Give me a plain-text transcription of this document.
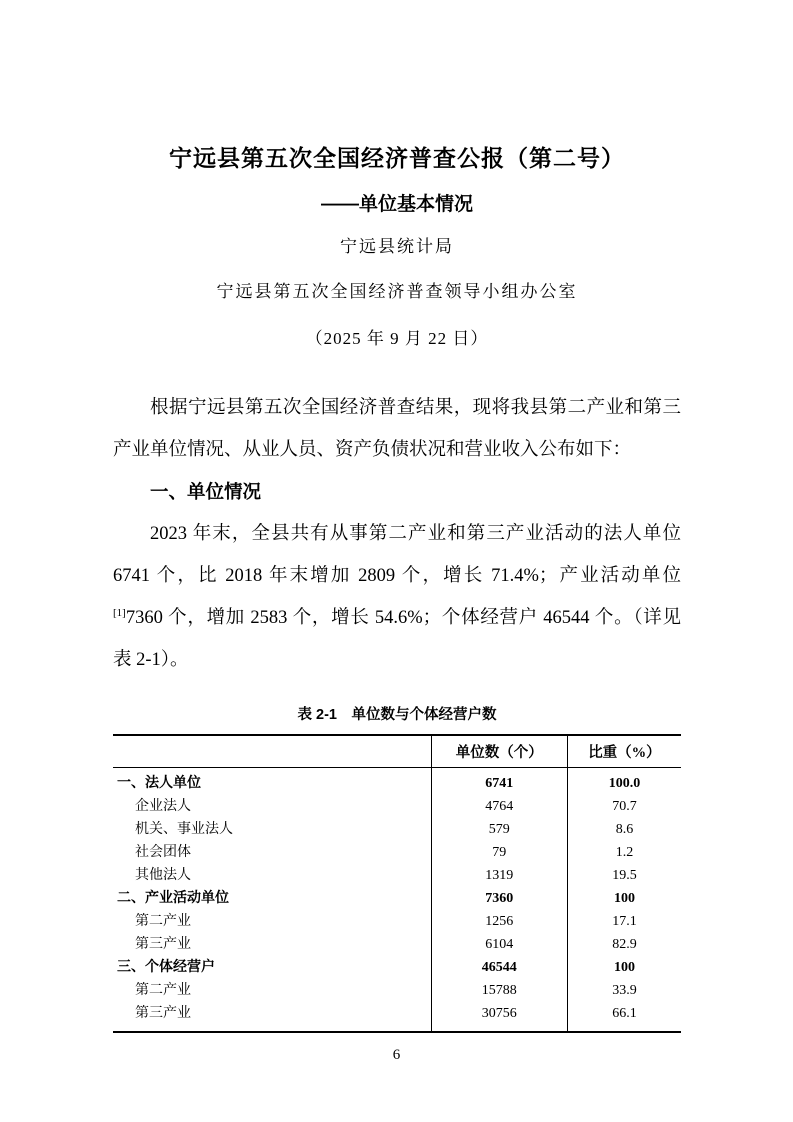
宁远县第五次全国经济普查公报（第二号）
——单位基本情况
宁远县统计局
宁远县第五次全国经济普查领导小组办公室
（2025 年 9 月 22 日）

根据宁远县第五次全国经济普查结果，现将我县第二产业和第三产业单位情况、从业人员、资产负债状况和营业收入公布如下：

一、单位情况

2023 年末，全县共有从事第二产业和第三产业活动的法人单位 6741 个，比 2018 年末增加 2809 个，增长 71.4%；产业活动单位[1]7360 个，增加 2583 个，增长 54.6%；个体经营户 46544 个。（详见表 2-1）。

表 2-1　单位数与个体经营户数
	单位数（个）	比重（%）
一、法人单位	6741	100.0
企业法人	4764	70.7
机关、事业法人	579	8.6
社会团体	79	1.2
其他法人	1319	19.5
二、产业活动单位	7360	100
第二产业	1256	17.1
第三产业	6104	82.9
三、个体经营户	46544	100
第二产业	15788	33.9
第三产业	30756	66.1
6
